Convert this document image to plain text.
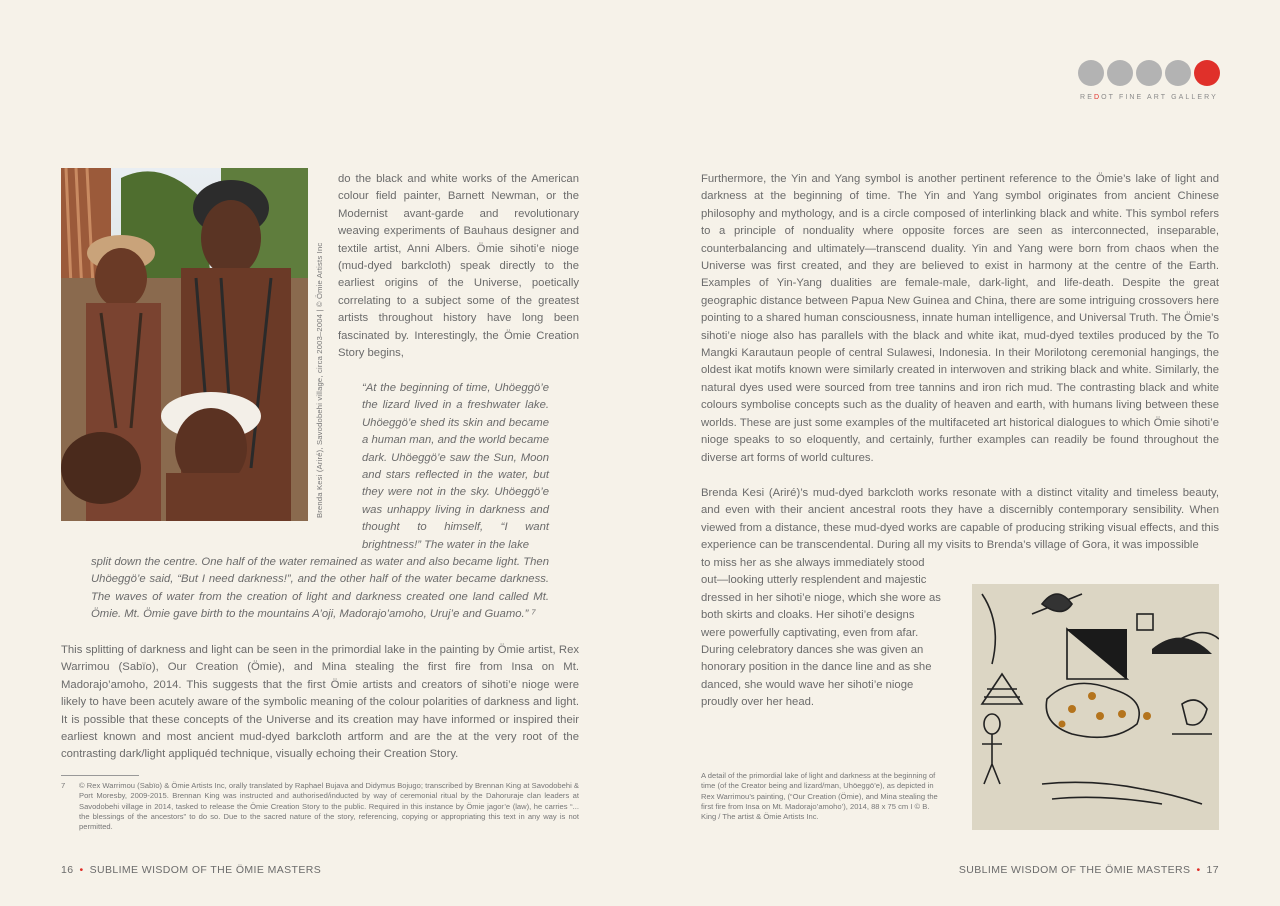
REDOT FINE ART GALLERY
Brenda Kesi (Ariré), Savodobehi village, circa 2003–2004 | © Ömie Artists Inc
do the black and white works of the American colour field painter, Barnett Newman, or the Modernist avant-garde and revolutionary weaving experiments of Bauhaus designer and textile artist, Anni Albers. Ömie sihoti’e nioge (mud-dyed barkcloth) speak directly to the earliest origins of the Universe, poetically correlating to a subject some of the greatest artists throughout history have long been fascinated by. Interestingly, the Ömie Creation Story begins,
“At the beginning of time, Uhöeggö’e the lizard lived in a freshwater lake. Uhöeggö’e shed its skin and became a human man, and the world became dark. Uhöeggö’e saw the Sun, Moon and stars reflected in the water, but they were not in the sky. Uhöeggö’e was unhappy living in darkness and thought to himself, “I want brightness!” The water in the lake
split down the centre. One half of the water remained as water and also became light. Then Uhöeggö’e said, “But I need darkness!”, and the other half of the water became darkness. The waves of water from the creation of light and darkness created one land called Mt. Ömie. Mt. Ömie gave birth to the mountains A’oji, Madorajo’amoho, Uruj’e and Guamo.” ⁷
This splitting of darkness and light can be seen in the primordial lake in the painting by Ömie artist, Rex Warrimou (Sabïo), Our Creation (Ömie), and Mina stealing the first fire from Insa on Mt. Madorajo’amoho, 2014. This suggests that the first Ömie artists and creators of sihoti’e nioge were likely to have been acutely aware of the symbolic meaning of the colour polarities of darkness and light. It is possible that these concepts of the Universe and its creation may have informed or inspired their earliest known and most ancient mud-dyed barkcloth artform and are the at the very root of the contrasting dark/light appliquéd technique, visually echoing their Creation Story.
7	© Rex Warrimou (Sabïo) & Ömie Artists Inc, orally translated by Raphael Bujava and Didymus Bojugo; transcribed by Brennan King at Savodobehi & Port Moresby, 2009-2015. Brennan King was instructed and authorised/inducted by way of ceremonial ritual by the Dahoruraje clan leaders at Savodobehi village in 2014, tasked to release the Ömie Creation Story to the public. Required in this instance by Ömie jagor’e (law), he carries “... the blessings of the ancestors” to do so. Due to the sacred nature of the story, referencing, copying or appropriating this text in any way is not permitted.
Furthermore, the Yin and Yang symbol is another pertinent reference to the Ömie’s lake of light and darkness at the beginning of time. The Yin and Yang symbol originates from ancient Chinese philosophy and mythology, and is a circle composed of interlinking black and white. This symbol refers to a principle of nonduality where opposite forces are seen as interconnected, inseparable, counterbalancing and ultimately—transcend duality. Yin and Yang were born from chaos when the Universe was first created, and they are believed to exist in harmony at the centre of the Earth. Examples of Yin-Yang dualities are female-male, dark-light, and life-death. Despite the great geographic distance between Papua New Guinea and China, there are some intriguing crossovers here pointing to a shared human consciousness, innate human intelligence, and Universal Truth. The Ömie’s sihoti’e nioge also has parallels with the black and white ikat, mud-dyed textiles produced by the To Mangki Karautaun people of central Sulawesi, Indonesia. In their Morilotong ceremonial hangings, the oldest ikat motifs known were similarly created in interwoven and striking black and white. Similarly, the natural dyes used were sourced from tree tannins and iron rich mud. The contrasting black and white colours symbolise concepts such as the duality of heaven and earth, with humans living between these worlds. These are just some examples of the multifaceted art historical dialogues to which Ömie sihoti’e nioge speaks to so eloquently, and certainly, further examples can readily be found throughout the diverse art forms of world cultures.
Brenda Kesi (Ariré)’s mud-dyed barkcloth works resonate with a distinct vitality and timeless beauty, and even with their ancient ancestral roots they have a discernibly contemporary sensibility. When viewed from a distance, these mud-dyed works are capable of producing striking visual effects, and this experience can be transcendental. During all my visits to Brenda’s village of Gora, it was impossible
to miss her as she always immediately stood out—looking utterly resplendent and majestic dressed in her sihoti’e nioge, which she wore as both skirts and cloaks. Her sihoti’e designs were powerfully captivating, even from afar. During celebratory dances she was given an honorary position in the dance line and as she danced, she would wave her sihoti’e nioge proudly over her head.
A detail of the primordial lake of light and darkness at the beginning of time (of the Creator being and lizard/man, Uhöeggö’e), as depicted in Rex Warrimou’s painting, (“Our Creation (Ömie), and Mina stealing the first fire from Insa on Mt. Madorajo’amoho’), 2014, 88 x 75 cm I © B. King / The artist & Ömie Artists Inc.
16 • SUBLIME WISDOM OF THE ÖMIE MASTERS	SUBLIME WISDOM OF THE ÖMIE MASTERS • 17
